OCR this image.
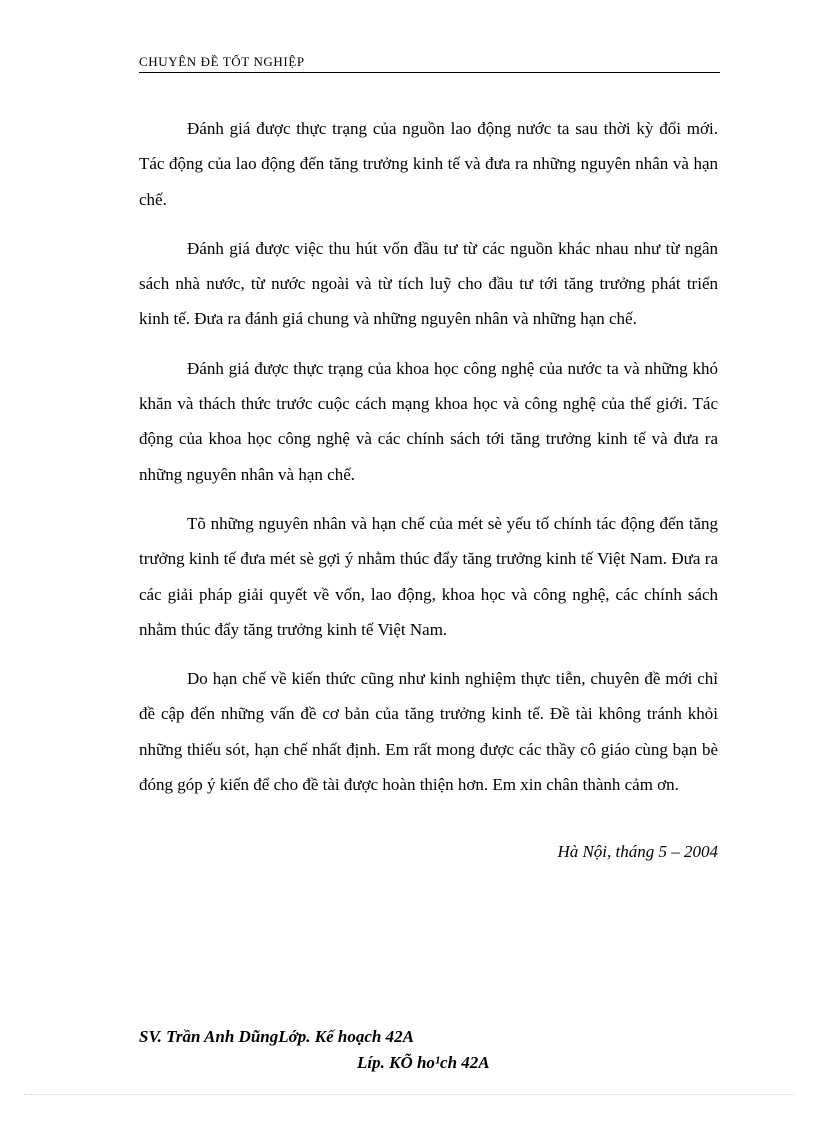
CHUYÊN ĐỀ TỐT NGHIỆP

Đánh giá được thực trạng của nguồn lao động nước ta sau thời kỳ đổi mới. Tác động của lao động đến tăng trưởng kinh tế và đưa ra những nguyên nhân và hạn chế.

Đánh giá được việc thu hút vốn đầu tư từ các nguồn khác nhau như từ ngân sách nhà nước, từ nước ngoài và từ tích luỹ cho đầu tư tới tăng trưởng phát triển kinh tế. Đưa ra đánh giá chung và những nguyên nhân và những hạn chế.

Đánh giá được thực trạng của khoa học công nghệ của nước ta và những khó khăn và thách thức trước cuộc cách mạng khoa học và công nghệ của thế giới. Tác động của khoa học công nghệ và các chính sách tới tăng trưởng kinh tế và đưa ra những nguyên nhân và hạn chế.

Tõ những nguyên nhân và hạn chế của mét sè yếu tố chính tác động đến tăng trưởng kinh tế đưa mét sè gợi ý nhằm thúc đẩy tăng trưởng kinh tế Việt Nam. Đưa ra các giải pháp giải quyết về vốn, lao động, khoa học và công nghệ, các chính sách nhằm thúc đẩy tăng trưởng kinh tế Việt Nam.

Do hạn chế về kiến thức cũng như kinh nghiệm thực tiễn, chuyên đề mới chỉ đề cập đến những vấn đề cơ bản của tăng trưởng kinh tế. Đề tài không tránh khỏi những thiếu sót, hạn chế nhất định. Em rất mong được các thầy cô giáo cùng bạn bè đóng góp ý kiến để cho đề tài được hoàn thiện hơn. Em xin chân thành cảm ơn.

Hà Nội, tháng 5 – 2004
SV. Trần Anh DũngLớp. Kế hoạch 42A
Líp. KÕ ho¹ch 42A
